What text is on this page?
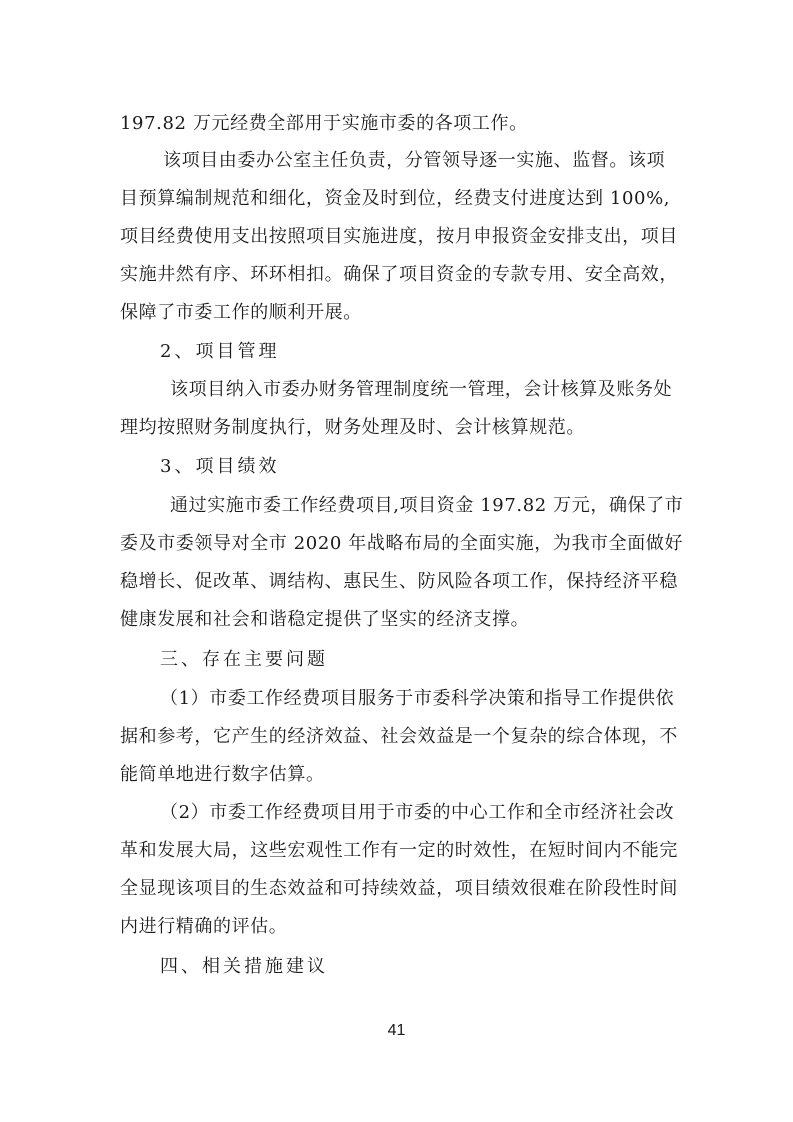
197.82 万元经费全部用于实施市委的各项工作。
该项目由委办公室主任负责，分管领导逐一实施、监督。该项
目预算编制规范和细化，资金及时到位，经费支付进度达到 100%,
项目经费使用支出按照项目实施进度，按月申报资金安排支出，项目
实施井然有序、环环相扣。确保了项目资金的专款专用、安全高效，
保障了市委工作的顺利开展。
2、项目管理
该项目纳入市委办财务管理制度统一管理，会计核算及账务处
理均按照财务制度执行，财务处理及时、会计核算规范。
3、项目绩效
通过实施市委工作经费项目,项目资金 197.82 万元，确保了市
委及市委领导对全市 2020 年战略布局的全面实施，为我市全面做好
稳增长、促改革、调结构、惠民生、防风险各项工作，保持经济平稳
健康发展和社会和谐稳定提供了坚实的经济支撑。
三、存在主要问题
（1）市委工作经费项目服务于市委科学决策和指导工作提供依
据和参考，它产生的经济效益、社会效益是一个复杂的综合体现，不
能简单地进行数字估算。
（2）市委工作经费项目用于市委的中心工作和全市经济社会改
革和发展大局，这些宏观性工作有一定的时效性，在短时间内不能完
全显现该项目的生态效益和可持续效益，项目绩效很难在阶段性时间
内进行精确的评估。
四、相关措施建议
41
